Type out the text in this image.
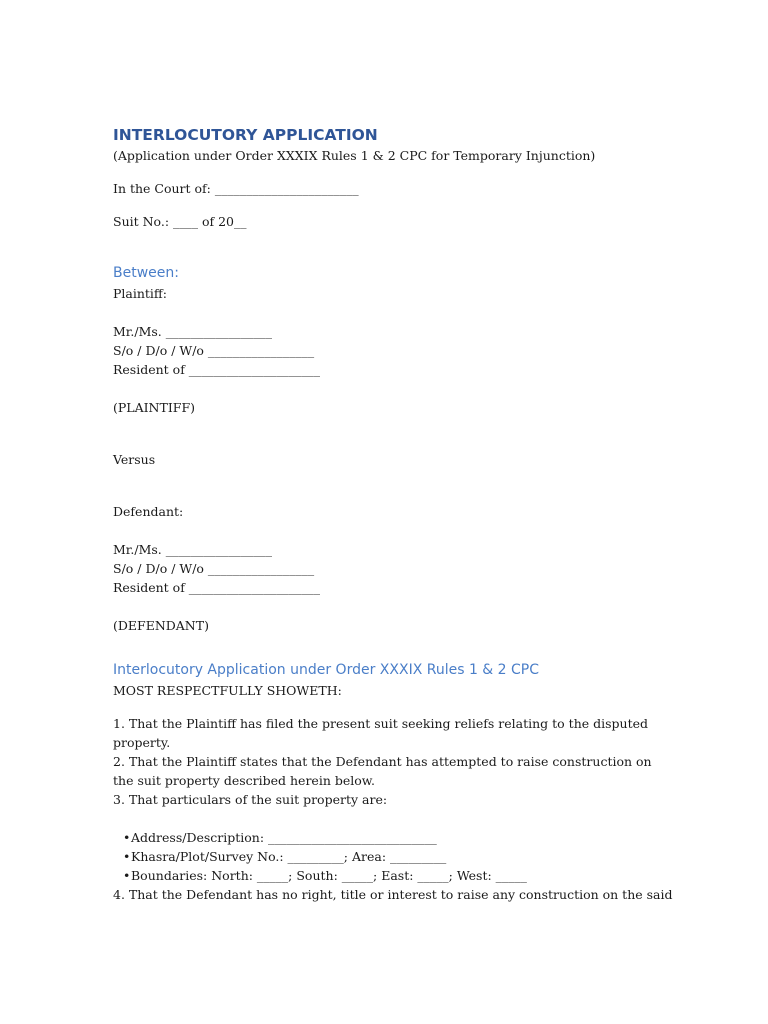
INTERLOCUTORY APPLICATION

(Application under Order XXXIX Rules 1 & 2 CPC for Temporary Injunction)

In the Court of: _______________________

Suit No.: ____ of 20__

Between:

Plaintiff:

Mr./Ms. _________________

S/o / D/o / W/o _________________

Resident of _____________________

(PLAINTIFF)

Versus

Defendant:

Mr./Ms. _________________

S/o / D/o / W/o _________________

Resident of _____________________

(DEFENDANT)

Interlocutory Application under Order XXXIX Rules 1 & 2 CPC

MOST RESPECTFULLY SHOWETH:

1. That the Plaintiff has filed the present suit seeking reliefs relating to the disputed property.

2. That the Plaintiff states that the Defendant has attempted to raise construction on the suit property described herein below.

3. That particulars of the suit property are:

• Address/Description: ___________________________
• Khasra/Plot/Survey No.: _________; Area: _________
• Boundaries: North: _____; South: _____; East: _____; West: _____

4. That the Defendant has no right, title or interest to raise any construction on the said
